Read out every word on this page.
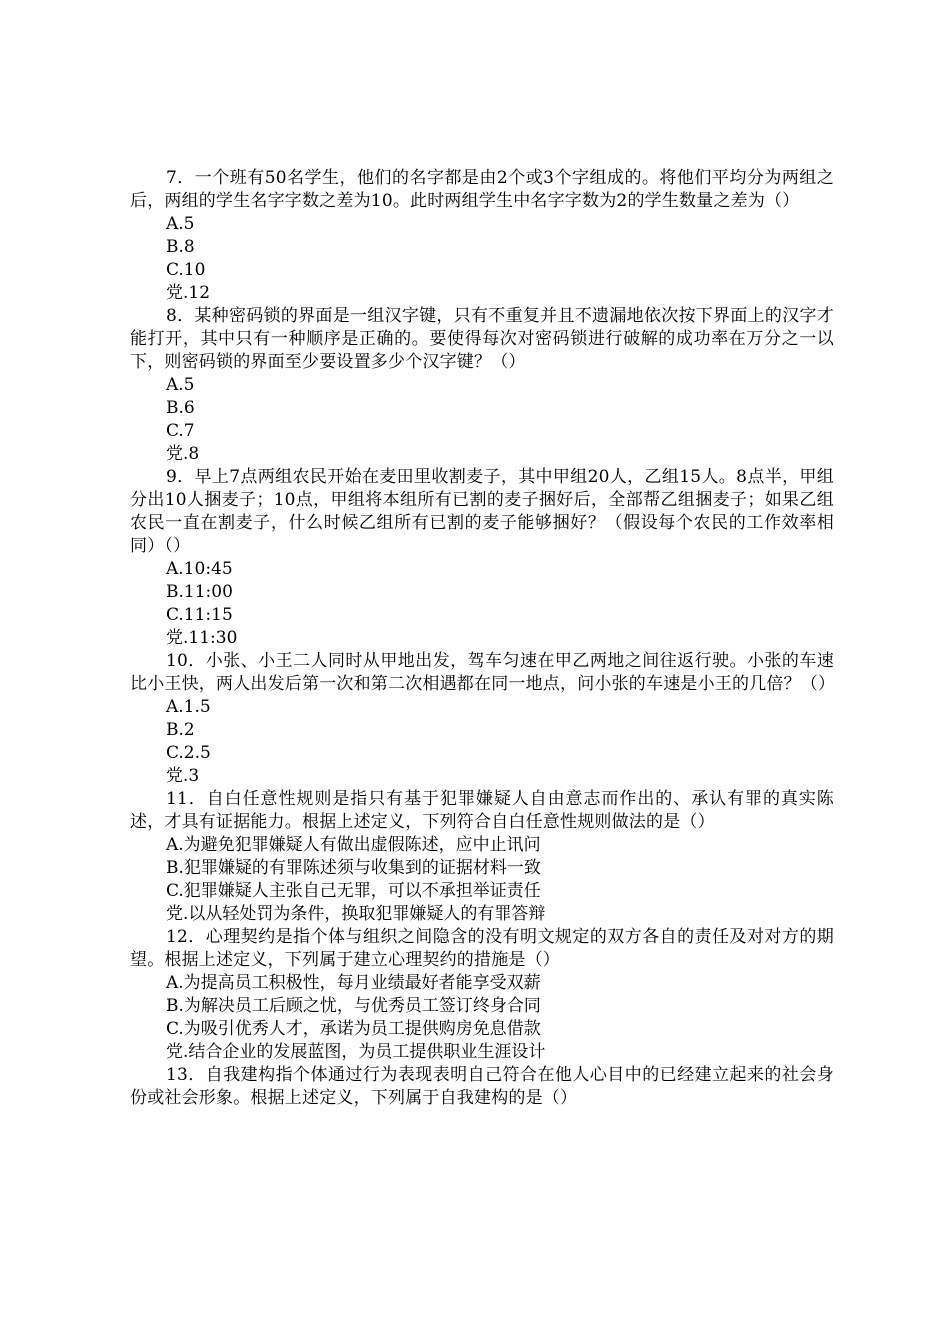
7．一个班有50名学生，他们的名字都是由2个或3个字组成的。将他们平均分为两组之后，两组的学生名字字数之差为10。此时两组学生中名字字数为2的学生数量之差为（）

A.5

B.8

C.10

党.12

8．某种密码锁的界面是一组汉字键，只有不重复并且不遗漏地依次按下界面上的汉字才能打开，其中只有一种顺序是正确的。要使得每次对密码锁进行破解的成功率在万分之一以下，则密码锁的界面至少要设置多少个汉字键？（）

A.5

B.6

C.7

党.8

9．早上7点两组农民开始在麦田里收割麦子，其中甲组20人，乙组15人。8点半，甲组分出10人捆麦子；10点，甲组将本组所有已割的麦子捆好后，全部帮乙组捆麦子；如果乙组农民一直在割麦子，什么时候乙组所有已割的麦子能够捆好？（假设每个农民的工作效率相同）（）

A.10:45

B.11:00

C.11:15

党.11:30

10．小张、小王二人同时从甲地出发，驾车匀速在甲乙两地之间往返行驶。小张的车速比小王快，两人出发后第一次和第二次相遇都在同一地点，问小张的车速是小王的几倍？（）

A.1.5

B.2

C.2.5

党.3

11．自白任意性规则是指只有基于犯罪嫌疑人自由意志而作出的、承认有罪的真实陈述，才具有证据能力。根据上述定义，下列符合自白任意性规则做法的是（）

A.为避免犯罪嫌疑人有做出虚假陈述，应中止讯问

B.犯罪嫌疑的有罪陈述须与收集到的证据材料一致

C.犯罪嫌疑人主张自己无罪，可以不承担举证责任

党.以从轻处罚为条件，换取犯罪嫌疑人的有罪答辩

12．心理契约是指个体与组织之间隐含的没有明文规定的双方各自的责任及对对方的期望。根据上述定义，下列属于建立心理契约的措施是（）

A.为提高员工积极性，每月业绩最好者能享受双薪

B.为解决员工后顾之忧，与优秀员工签订终身合同

C.为吸引优秀人才，承诺为员工提供购房免息借款

党.结合企业的发展蓝图，为员工提供职业生涯设计

13．自我建构指个体通过行为表现表明自己符合在他人心目中的已经建立起来的社会身份或社会形象。根据上述定义，下列属于自我建构的是（）
